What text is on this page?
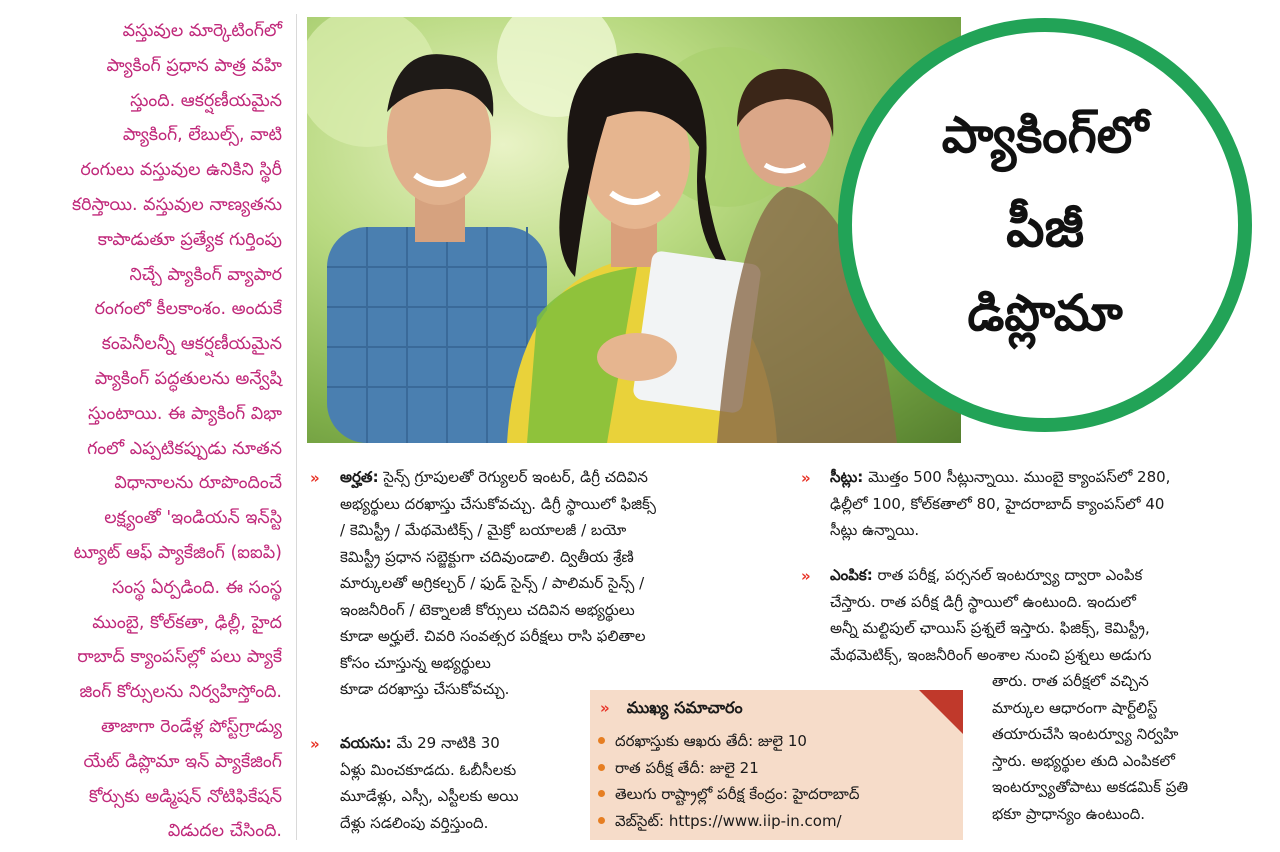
వస్తువుల మార్కెటింగ్‌లో
ప్యాకింగ్ ప్రధాన పాత్ర వహి
స్తుంది. ఆకర్షణీయమైన
ప్యాకింగ్, లేబుల్స్, వాటి
రంగులు వస్తువుల ఉనికిని స్థిరీ
కరిస్తాయి. వస్తువుల నాణ్యతను
కాపాడుతూ ప్రత్యేక గుర్తింపు
నిచ్చే ప్యాకింగ్ వ్యాపార
రంగంలో కీలకాంశం. అందుకే
కంపెనీలన్నీ ఆకర్షణీయమైన
ప్యాకింగ్ పద్ధతులను అన్వేషి
స్తుంటాయి. ఈ ప్యాకింగ్ విభా
గంలో ఎప్పటికప్పుడు నూతన
విధానాలను రూపొందించే
లక్ష్యంతో 'ఇండియన్ ఇన్‌స్టి
ట్యూట్ ఆఫ్ ప్యాకేజింగ్ (ఐఐపి)
సంస్థ ఏర్పడింది. ఈ సంస్థ
ముంబై, కోల్‌కతా, ఢిల్లీ, హైద
రాబాద్ క్యాంపస్‌ల్లో పలు ప్యాకే
జింగ్ కోర్సులను నిర్వహిస్తోంది.
తాజాగా రెండేళ్ల పోస్ట్‌గ్రాడ్యు
యేట్ డిప్లొమా ఇన్ ప్యాకేజింగ్
కోర్సుకు అడ్మిషన్ నోటిఫికేషన్
విడుదల చేసింది.
ప్యాకింగ్‌లో
పీజీ
డిప్లొమా
» అర్హత: సైన్స్ గ్రూపులతో రెగ్యులర్ ఇంటర్, డిగ్రీ చదివిన
అభ్యర్థులు దరఖాస్తు చేసుకోవచ్చు. డిగ్రీ స్థాయిలో ఫిజిక్స్
/ కెమిస్ట్రీ / మేథమెటిక్స్ / మైక్రో బయాలజీ / బయో
కెమిస్ట్రీ ప్రధాన సబ్జెక్టుగా చదివుండాలి. ద్వితీయ శ్రేణి
మార్కులతో అగ్రికల్చర్ / ఫుడ్ సైన్స్ / పాలిమర్ సైన్స్ /
ఇంజనీరింగ్ / టెక్నాలజీ కోర్సులు చదివిన అభ్యర్థులు
కూడా అర్హులే. చివరి సంవత్సర పరీక్షలు రాసి ఫలితాల
కోసం చూస్తున్న అభ్యర్థులు
కూడా దరఖాస్తు చేసుకోవచ్చు.
» వయసు: మే 29 నాటికి 30
ఏళ్లు మించకూడదు. ఓబీసీలకు
మూడేళ్లు, ఎస్సీ, ఎస్టీలకు అయి
దేళ్లు సడలింపు వర్తిస్తుంది.
» సీట్లు: మొత్తం 500 సీట్లున్నాయి. ముంబై క్యాంపస్‌లో 280,
ఢిల్లీలో 100, కోల్‌కతాలో 80, హైదరాబాద్ క్యాంపస్‌లో 40
సీట్లు ఉన్నాయి.
» ఎంపిక: రాత పరీక్ష, పర్సనల్ ఇంటర్వ్యూ ద్వారా ఎంపిక
చేస్తారు. రాత పరీక్ష డిగ్రీ స్థాయిలో ఉంటుంది. ఇందులో
అన్నీ మల్టిపుల్ ఛాయిస్ ప్రశ్నలే ఇస్తారు. ఫిజిక్స్, కెమిస్ట్రీ,
మేథమెటిక్స్, ఇంజనీరింగ్ అంశాల నుంచి ప్రశ్నలు అడుగు
తారు. రాత పరీక్షలో వచ్చిన
మార్కుల ఆధారంగా షార్ట్‌లిస్ట్
తయారుచేసి ఇంటర్వ్యూ నిర్వహి
స్తారు. అభ్యర్థుల తుది ఎంపికలో
ఇంటర్వ్యూతోపాటు అకడమిక్ ప్రతి
భకూ ప్రాధాన్యం ఉంటుంది.
» ముఖ్య సమాచారం
దరఖాస్తుకు ఆఖరు తేదీ: జులై 10
రాత పరీక్ష తేదీ: జులై 21
తెలుగు రాష్ట్రాల్లో పరీక్ష కేంద్రం: హైదరాబాద్
వెబ్‌సైట్: https://www.iip-in.com/
